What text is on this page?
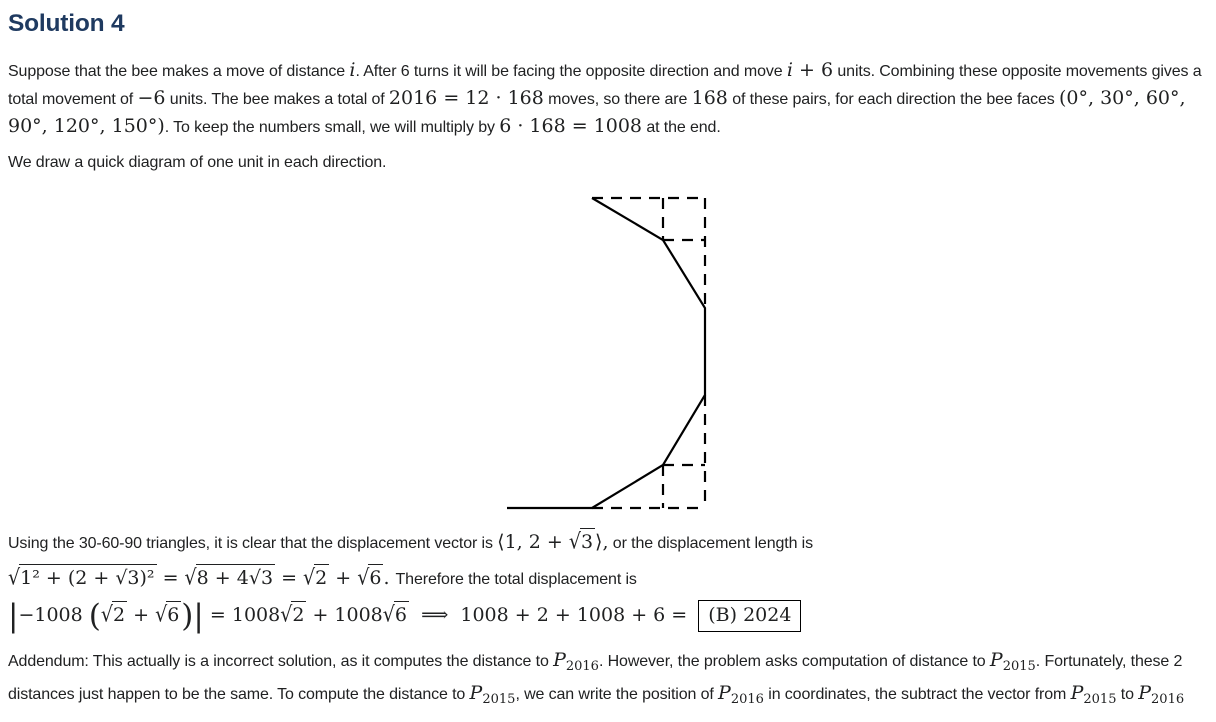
Solution 4

Suppose that the bee makes a move of distance i. After 6 turns it will be facing the opposite direction and move i + 6 units. Combining these opposite movements gives a total movement of −6 units. The bee makes a total of 2016 = 12 · 168 moves, so there are 168 of these pairs, for each direction the bee faces (0°, 30°, 60°, 90°, 120°, 150°). To keep the numbers small, we will multiply by 6 · 168 = 1008 at the end.

We draw a quick diagram of one unit in each direction.

Using the 30-60-90 triangles, it is clear that the displacement vector is ⟨1, 2 + √3 ⟩, or the displacement length is
√1² + (2 + √3)² = √8 + 4√3 = √2 + √6 . Therefore the total displacement is
|−1008 (√2 + √6)| = 1008√2 + 1008√6  ⟹  1008 + 2 + 1008 + 6 = (B) 2024

Addendum: This actually is a incorrect solution, as it computes the distance to $P_{2016}$. However, the problem asks computation of distance to $P_{2015}$. Fortunately, these 2 distances just happen to be the same. To compute the distance to $P_{2015}$, we can write the position of $P_{2016}$ in coordinates, the subtract the vector from $P_{2015}$ to $P_{2016}$
